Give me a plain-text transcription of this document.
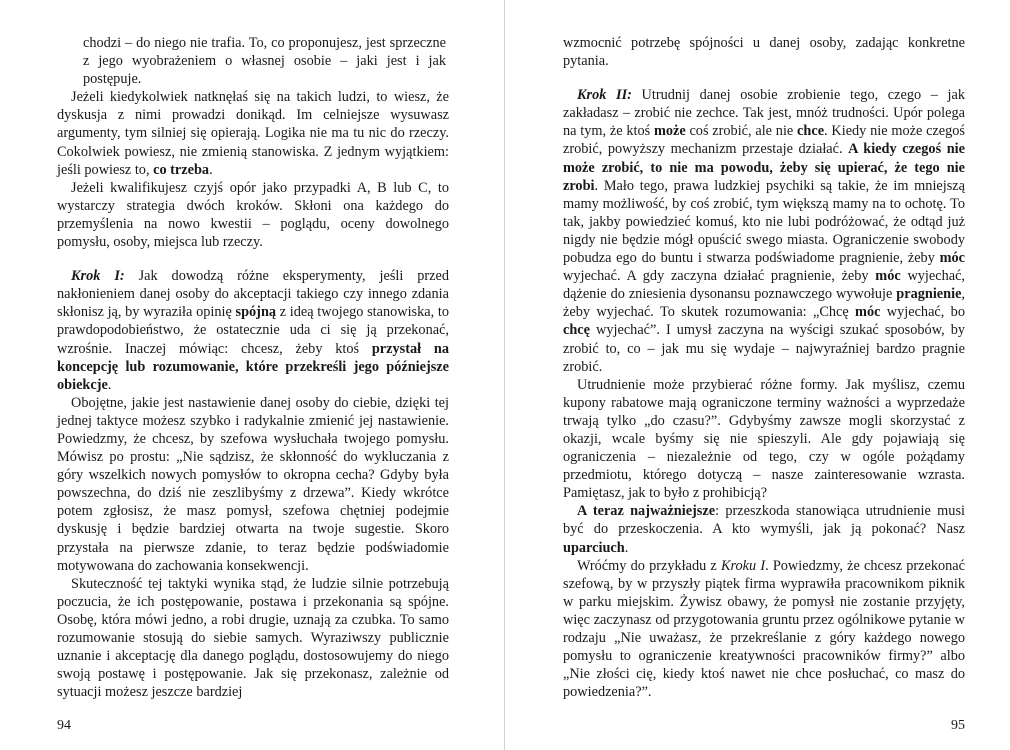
chodzi – do niego nie trafia. To, co proponujesz, jest sprzeczne z jego wyobrażeniem o własnej osobie – jaki jest i jak postępuje.

Jeżeli kiedykolwiek natknęłaś się na takich ludzi, to wiesz, że dyskusja z nimi prowadzi donikąd. Im celniejsze wysuwasz argumenty, tym silniej się opierają. Logika nie ma tu nic do rzeczy. Cokolwiek powiesz, nie zmienią stanowiska. Z jednym wyjątkiem: jeśli powiesz to, co trzeba.

Jeżeli kwalifikujesz czyjś opór jako przypadki A, B lub C, to wystarczy strategia dwóch kroków. Skłoni ona każdego do przemyślenia na nowo kwestii – poglądu, oceny dowolnego pomysłu, osoby, miejsca lub rzeczy.

Krok I: Jak dowodzą różne eksperymenty, jeśli przed nakłonieniem danej osoby do akceptacji takiego czy innego zdania skłonisz ją, by wyraziła opinię spójną z ideą twojego stanowiska, to prawdopodobieństwo, że ostatecznie uda ci się ją przekonać, wzrośnie. Inaczej mówiąc: chcesz, żeby ktoś przystał na koncepcję lub rozumowanie, które przekreśli jego późniejsze obiekcje.

Obojętne, jakie jest nastawienie danej osoby do ciebie, dzięki tej jednej taktyce możesz szybko i radykalnie zmienić jej nastawienie. Powiedzmy, że chcesz, by szefowa wysłuchała twojego pomysłu. Mówisz po prostu: „Nie sądzisz, że skłonność do wykluczania z góry wszelkich nowych pomysłów to okropna cecha? Gdyby była powszechna, do dziś nie zeszlibyśmy z drzewa”. Kiedy wkrótce potem zgłosisz, że masz pomysł, szefowa chętniej podejmie dyskusję i będzie bardziej otwarta na twoje sugestie. Skoro przystała na pierwsze zdanie, to teraz będzie podświadomie motywowana do zachowania konsekwencji.

Skuteczność tej taktyki wynika stąd, że ludzie silnie potrzebują poczucia, że ich postępowanie, postawa i przekonania są spójne. Osobę, która mówi jedno, a robi drugie, uznają za czubka. To samo rozumowanie stosują do siebie samych. Wyraziwszy publicznie uznanie i akceptację dla danego poglądu, dostosowujemy do niego swoją postawę i postępowanie. Jak się przekonasz, zależnie od sytuacji możesz jeszcze bardziej

94

wzmocnić potrzebę spójności u danej osoby, zadając konkretne pytania.

Krok II: Utrudnij danej osobie zrobienie tego, czego – jak zakładasz – zrobić nie zechce. Tak jest, mnóż trudności. Upór polega na tym, że ktoś może coś zrobić, ale nie chce. Kiedy nie może czegoś zrobić, powyższy mechanizm przestaje działać. A kiedy czegoś nie może zrobić, to nie ma powodu, żeby się upierać, że tego nie zrobi. Mało tego, prawa ludzkiej psychiki są takie, że im mniejszą mamy możliwość, by coś zrobić, tym większą mamy na to ochotę. To tak, jakby powiedzieć komuś, kto nie lubi podróżować, że odtąd już nigdy nie będzie mógł opuścić swego miasta. Ograniczenie swobody pobudza ego do buntu i stwarza podświadome pragnienie, żeby móc wyjechać. A gdy zaczyna działać pragnienie, żeby móc wyjechać, dążenie do zniesienia dysonansu poznawczego wywołuje pragnienie, żeby wyjechać. To skutek rozumowania: „Chcę móc wyjechać, bo chcę wyjechać”. I umysł zaczyna na wyścigi szukać sposobów, by zrobić to, co – jak mu się wydaje – najwyraźniej bardzo pragnie zrobić.

Utrudnienie może przybierać różne formy. Jak myślisz, czemu kupony rabatowe mają ograniczone terminy ważności a wyprzedaże trwają tylko „do czasu?”. Gdybyśmy zawsze mogli skorzystać z okazji, wcale byśmy się nie spieszyli. Ale gdy pojawiają się ograniczenia – niezależnie od tego, czy w ogóle pożądamy przedmiotu, którego dotyczą – nasze zainteresowanie wzrasta. Pamiętasz, jak to było z prohibicją?

A teraz najważniejsze: przeszkoda stanowiąca utrudnienie musi być do przeskoczenia. A kto wymyśli, jak ją pokonać? Nasz uparciuch.

Wróćmy do przykładu z Kroku I. Powiedzmy, że chcesz przekonać szefową, by w przyszły piątek firma wyprawiła pracownikom piknik w parku miejskim. Żywisz obawy, że pomysł nie zostanie przyjęty, więc zaczynasz od przygotowania gruntu przez ogólnikowe pytanie w rodzaju „Nie uważasz, że przekreślanie z góry każdego nowego pomysłu to ograniczenie kreatywności pracowników firmy?” albo „Nie złości cię, kiedy ktoś nawet nie chce posłuchać, co masz do powiedzenia?”.

95
